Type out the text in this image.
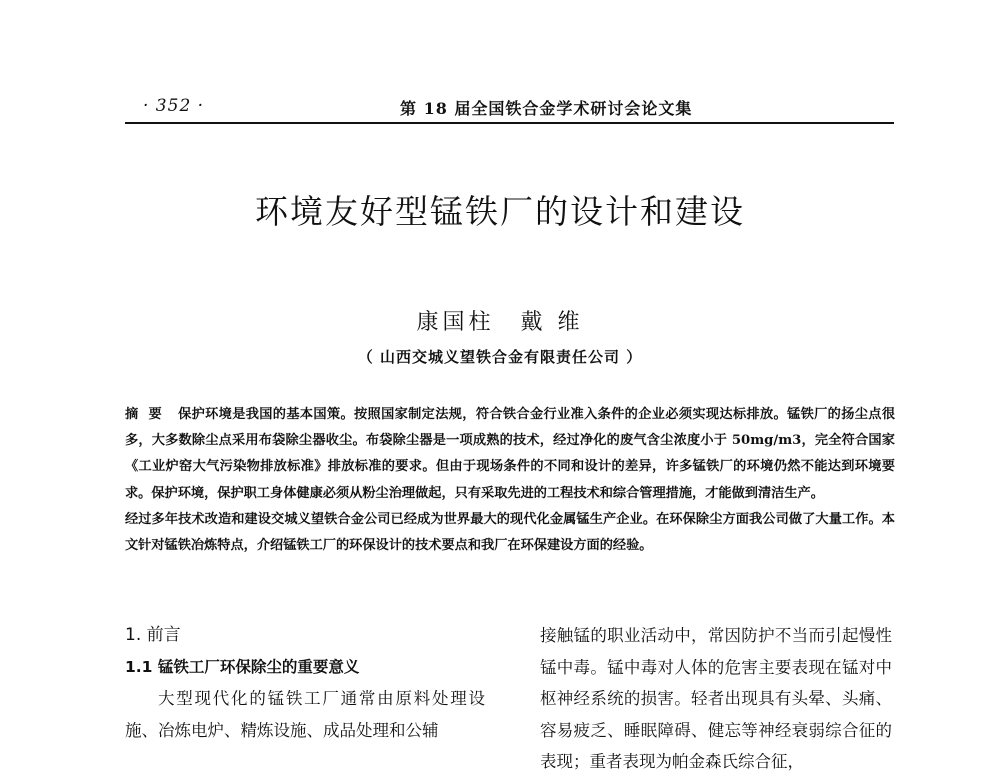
· 352 ·	第 18 届全国铁合金学术研讨会论文集
环境友好型锰铁厂的设计和建设
康国柱　戴 维
（ 山西交城义望铁合金有限责任公司 ）

摘要 保护环境是我国的基本国策。按照国家制定法规，符合铁合金行业准入条件的企业必须实现达标排放。锰铁厂的扬尘点很多，大多数除尘点采用布袋除尘器收尘。布袋除尘器是一项成熟的技术，经过净化的废气含尘浓度小于 50mg/m3，完全符合国家《工业炉窑大气污染物排放标准》排放标准的要求。但由于现场条件的不同和设计的差异，许多锰铁厂的环境仍然不能达到环境要求。保护环境，保护职工身体健康必须从粉尘治理做起，只有采取先进的工程技术和综合管理措施，才能做到清洁生产。

经过多年技术改造和建设交城义望铁合金公司已经成为世界最大的现代化金属锰生产企业。在环保除尘方面我公司做了大量工作。本文针对锰铁冶炼特点，介绍锰铁工厂的环保设计的技术要点和我厂在环保建设方面的经验。

1. 前言

1.1 锰铁工厂环保除尘的重要意义

大型现代化的锰铁工厂通常由原料处理设施、冶炼电炉、精炼设施、成品处理和公辅

接触锰的职业活动中，常因防护不当而引起慢性锰中毒。锰中毒对人体的危害主要表现在锰对中枢神经系统的损害。轻者出现具有头晕、头痛、容易疲乏、睡眠障碍、健忘等神经衰弱综合征的表现；重者表现为帕金森氏综合征，
